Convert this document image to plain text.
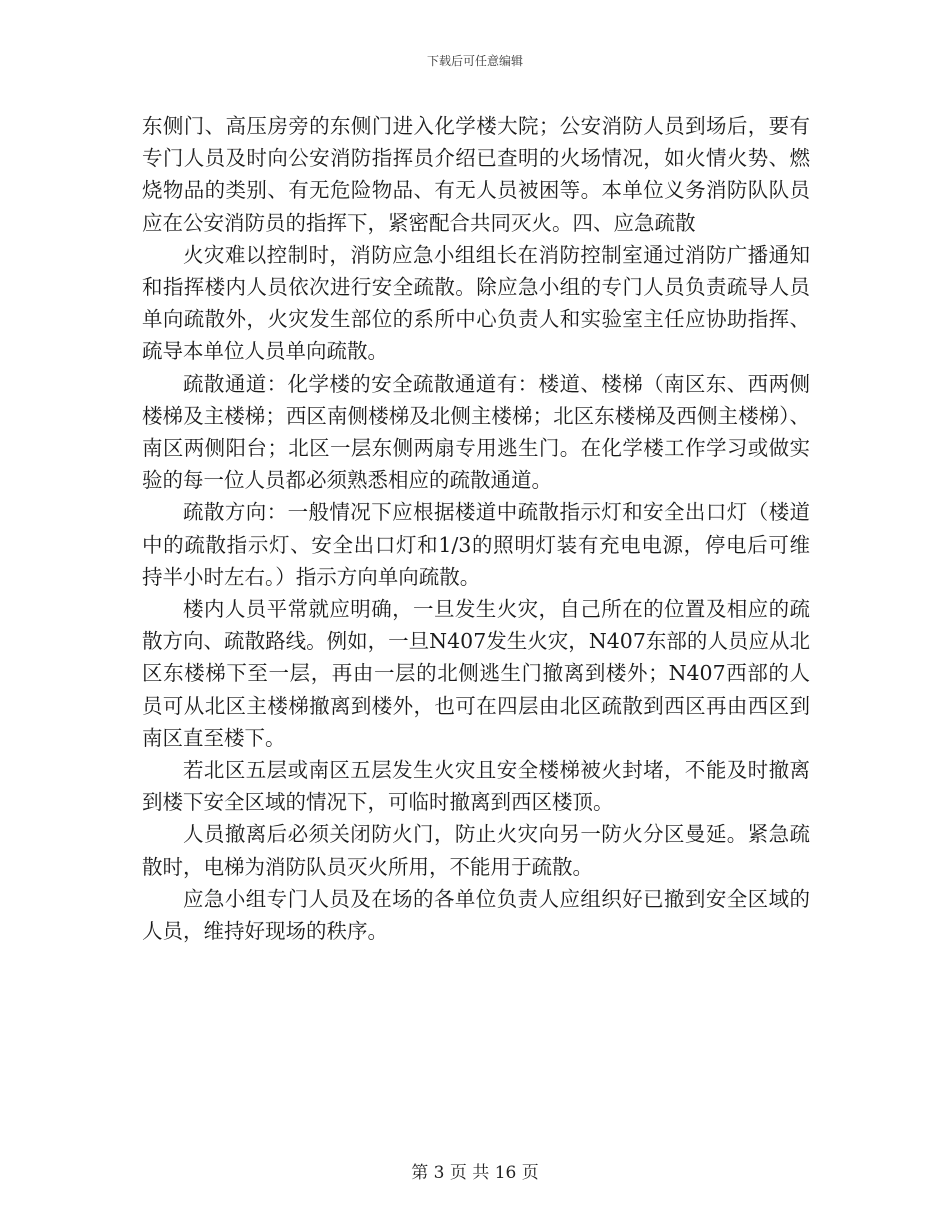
下载后可任意编辑

东侧门、高压房旁的东侧门进入化学楼大院；公安消防人员到场后，要有专门人员及时向公安消防指挥员介绍已查明的火场情况，如火情火势、燃烧物品的类别、有无危险物品、有无人员被困等。本单位义务消防队队员应在公安消防员的指挥下，紧密配合共同灭火。四、应急疏散

火灾难以控制时，消防应急小组组长在消防控制室通过消防广播通知和指挥楼内人员依次进行安全疏散。除应急小组的专门人员负责疏导人员单向疏散外，火灾发生部位的系所中心负责人和实验室主任应协助指挥、疏导本单位人员单向疏散。

疏散通道：化学楼的安全疏散通道有：楼道、楼梯（南区东、西两侧楼梯及主楼梯；西区南侧楼梯及北侧主楼梯；北区东楼梯及西侧主楼梯）、南区两侧阳台；北区一层东侧两扇专用逃生门。在化学楼工作学习或做实验的每一位人员都必须熟悉相应的疏散通道。

疏散方向：一般情况下应根据楼道中疏散指示灯和安全出口灯（楼道中的疏散指示灯、安全出口灯和1/3的照明灯装有充电电源，停电后可维持半小时左右。）指示方向单向疏散。

楼内人员平常就应明确，一旦发生火灾，自己所在的位置及相应的疏散方向、疏散路线。例如，一旦N407发生火灾，N407东部的人员应从北区东楼梯下至一层，再由一层的北侧逃生门撤离到楼外；N407西部的人员可从北区主楼梯撤离到楼外，也可在四层由北区疏散到西区再由西区到南区直至楼下。

若北区五层或南区五层发生火灾且安全楼梯被火封堵，不能及时撤离到楼下安全区域的情况下，可临时撤离到西区楼顶。

人员撤离后必须关闭防火门，防止火灾向另一防火分区曼延。紧急疏散时，电梯为消防队员灭火所用，不能用于疏散。

应急小组专门人员及在场的各单位负责人应组织好已撤到安全区域的人员，维持好现场的秩序。

第 3 页 共 16 页
